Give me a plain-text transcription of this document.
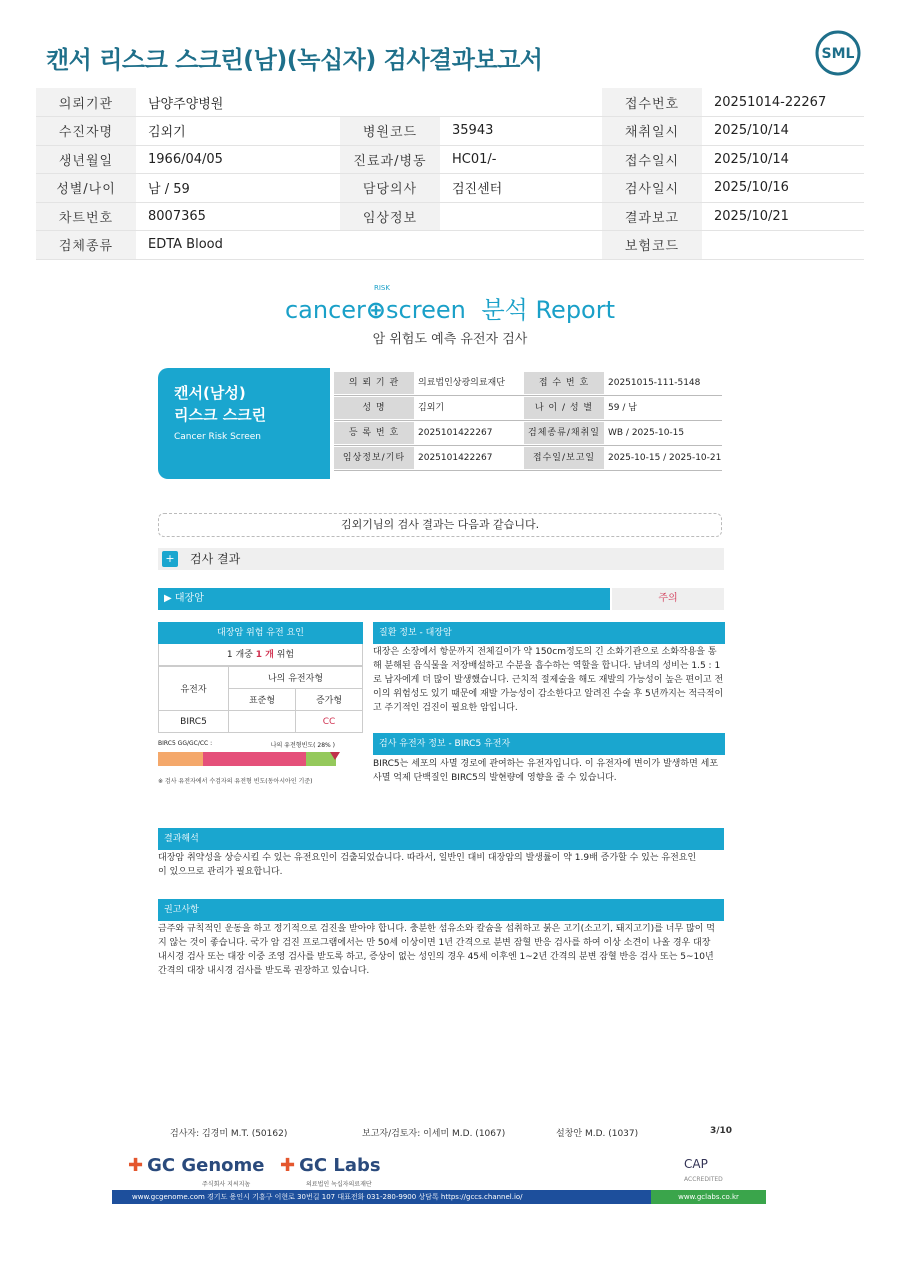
캔서 리스크 스크린(남)(녹십자) 검사결과보고서	SML
의뢰기관	남양주양병원			접수번호	20251014-22267
수진자명	김외기	병원코드	35943	채취일시	2025/10/14
생년월일	1966/04/05	진료과/병동	HC01/-	접수일시	2025/10/14
성별/나이	남 / 59	담당의사	검진센터	검사일시	2025/10/16
차트번호	8007365	임상정보		결과보고	2025/10/21
검체종류	EDTA Blood			보험코드	
cancer⊕screen 분석 Report
RISK
암 위험도 예측 유전자 검사
캔서(남성)
리스크 스크린
Cancer Risk Screen
의 뢰 기 관	의료법인상광의료재단	접 수 번 호	20251015-111-5148
성 명	김외기	나 이 / 성 별	59 / 남
등 록 번 호	2025101422267	검체종류/채취일 WB / 2025-10-15
임상정보/기타	2025101422267	접수일/보고일	2025-10-15 / 2025-10-21
김외기님의 검사 결과는 다음과 같습니다.
+ 검사 결과
▶ 대장암	주의
대장암 위험 유전 요인
1 개중 1 개 위험
유전자	나의 유전자형	
	표준형	증가형
BIRC5		CC
BIRC5 GG/GC/CC :	나의 유전형빈도( 28% )
※ 검사 유전자에서 수검자의 유전형 빈도(동아시아인 기준)
질환 정보 - 대장암
대장은 소장에서 항문까지 전체길이가 약 150cm정도의 긴 소화기관으로 소화작용을 통해 분해된 음식물을 저장배설하고 수분을 흡수하는 역할을 합니다. 남녀의 성비는 1.5 : 1로 남자에게 더 많이 발생했습니다. 근치적 절제술을 해도 재발의 가능성이 높은 편이고 전이의 위험성도 있기 때문에 재발 가능성이 감소한다고 알려진 수술 후 5년까지는 적극적이고 주기적인 검진이 필요한 암입니다.
검사 유전자 정보 - BIRC5 유전자
BIRC5는 세포의 사멸 경로에 관여하는 유전자입니다. 이 유전자에 변이가 발생하면 세포 사멸 억제 단백질인 BIRC5의 발현량에 영향을 줄 수 있습니다.
결과해석
대장암 취약성을 상승시킬 수 있는 유전요인이 검출되었습니다. 따라서, 일반인 대비 대장암의 발생률이 약 1.9배 증가할 수 있는 유전요인이 있으므로 관리가 필요합니다.
권고사항
금주와 규칙적인 운동을 하고 정기적으로 검진을 받아야 합니다. 충분한 섬유소와 칼슘을 섭취하고 붉은 고기(소고기, 돼지고기)를 너무 많이 먹지 않는 것이 좋습니다. 국가 암 검진 프로그램에서는 만 50세 이상이면 1년 간격으로 분변 잠혈 반응 검사를 하여 이상 소견이 나올 경우 대장 내시경 검사 또는 대장 이중 조영 검사를 받도록 하고, 증상이 없는 성인의 경우 45세 이후엔 1~2년 간격의 분변 잠혈 반응 검사 또는 5~10년 간격의 대장 내시경 검사를 받도록 권장하고 있습니다.
검사자: 김경미 M.T. (50162)	보고자/검토자: 이세미 M.D. (1067)	설창안 M.D. (1037)	3/10
✚ GC Genome
주식회사 지씨지놈
✚ GC Labs
의료법인 녹십자의료재단
CAP
ACCREDITED
www.gcgenome.com 경기도 용인시 기흥구 이현로 30번길 107 대표전화 031-280-9900 상담톡 https://gccs.channel.io/	www.gclabs.co.kr
